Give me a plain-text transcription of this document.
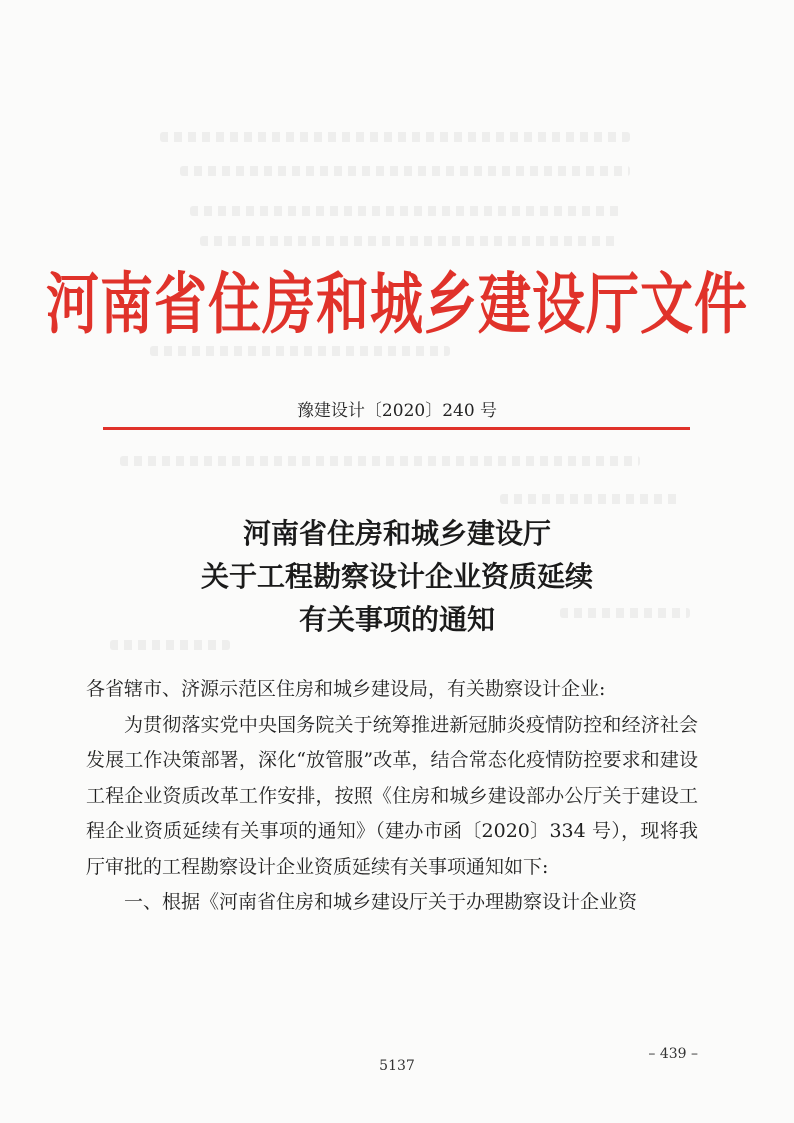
河南省住房和城乡建设厅文件
豫建设计〔2020〕240 号
河南省住房和城乡建设厅
关于工程勘察设计企业资质延续
有关事项的通知

各省辖市、济源示范区住房和城乡建设局，有关勘察设计企业:

为贯彻落实党中央国务院关于统筹推进新冠肺炎疫情防控和经济社会发展工作决策部署，深化“放管服”改革，结合常态化疫情防控要求和建设工程企业资质改革工作安排，按照《住房和城乡建设部办公厅关于建设工程企业资质延续有关事项的通知》（建办市函〔2020〕334 号），现将我厅审批的工程勘察设计企业资质延续有关事项通知如下:

一、根据《河南省住房和城乡建设厅关于办理勘察设计企业资

– 439 –
5137
